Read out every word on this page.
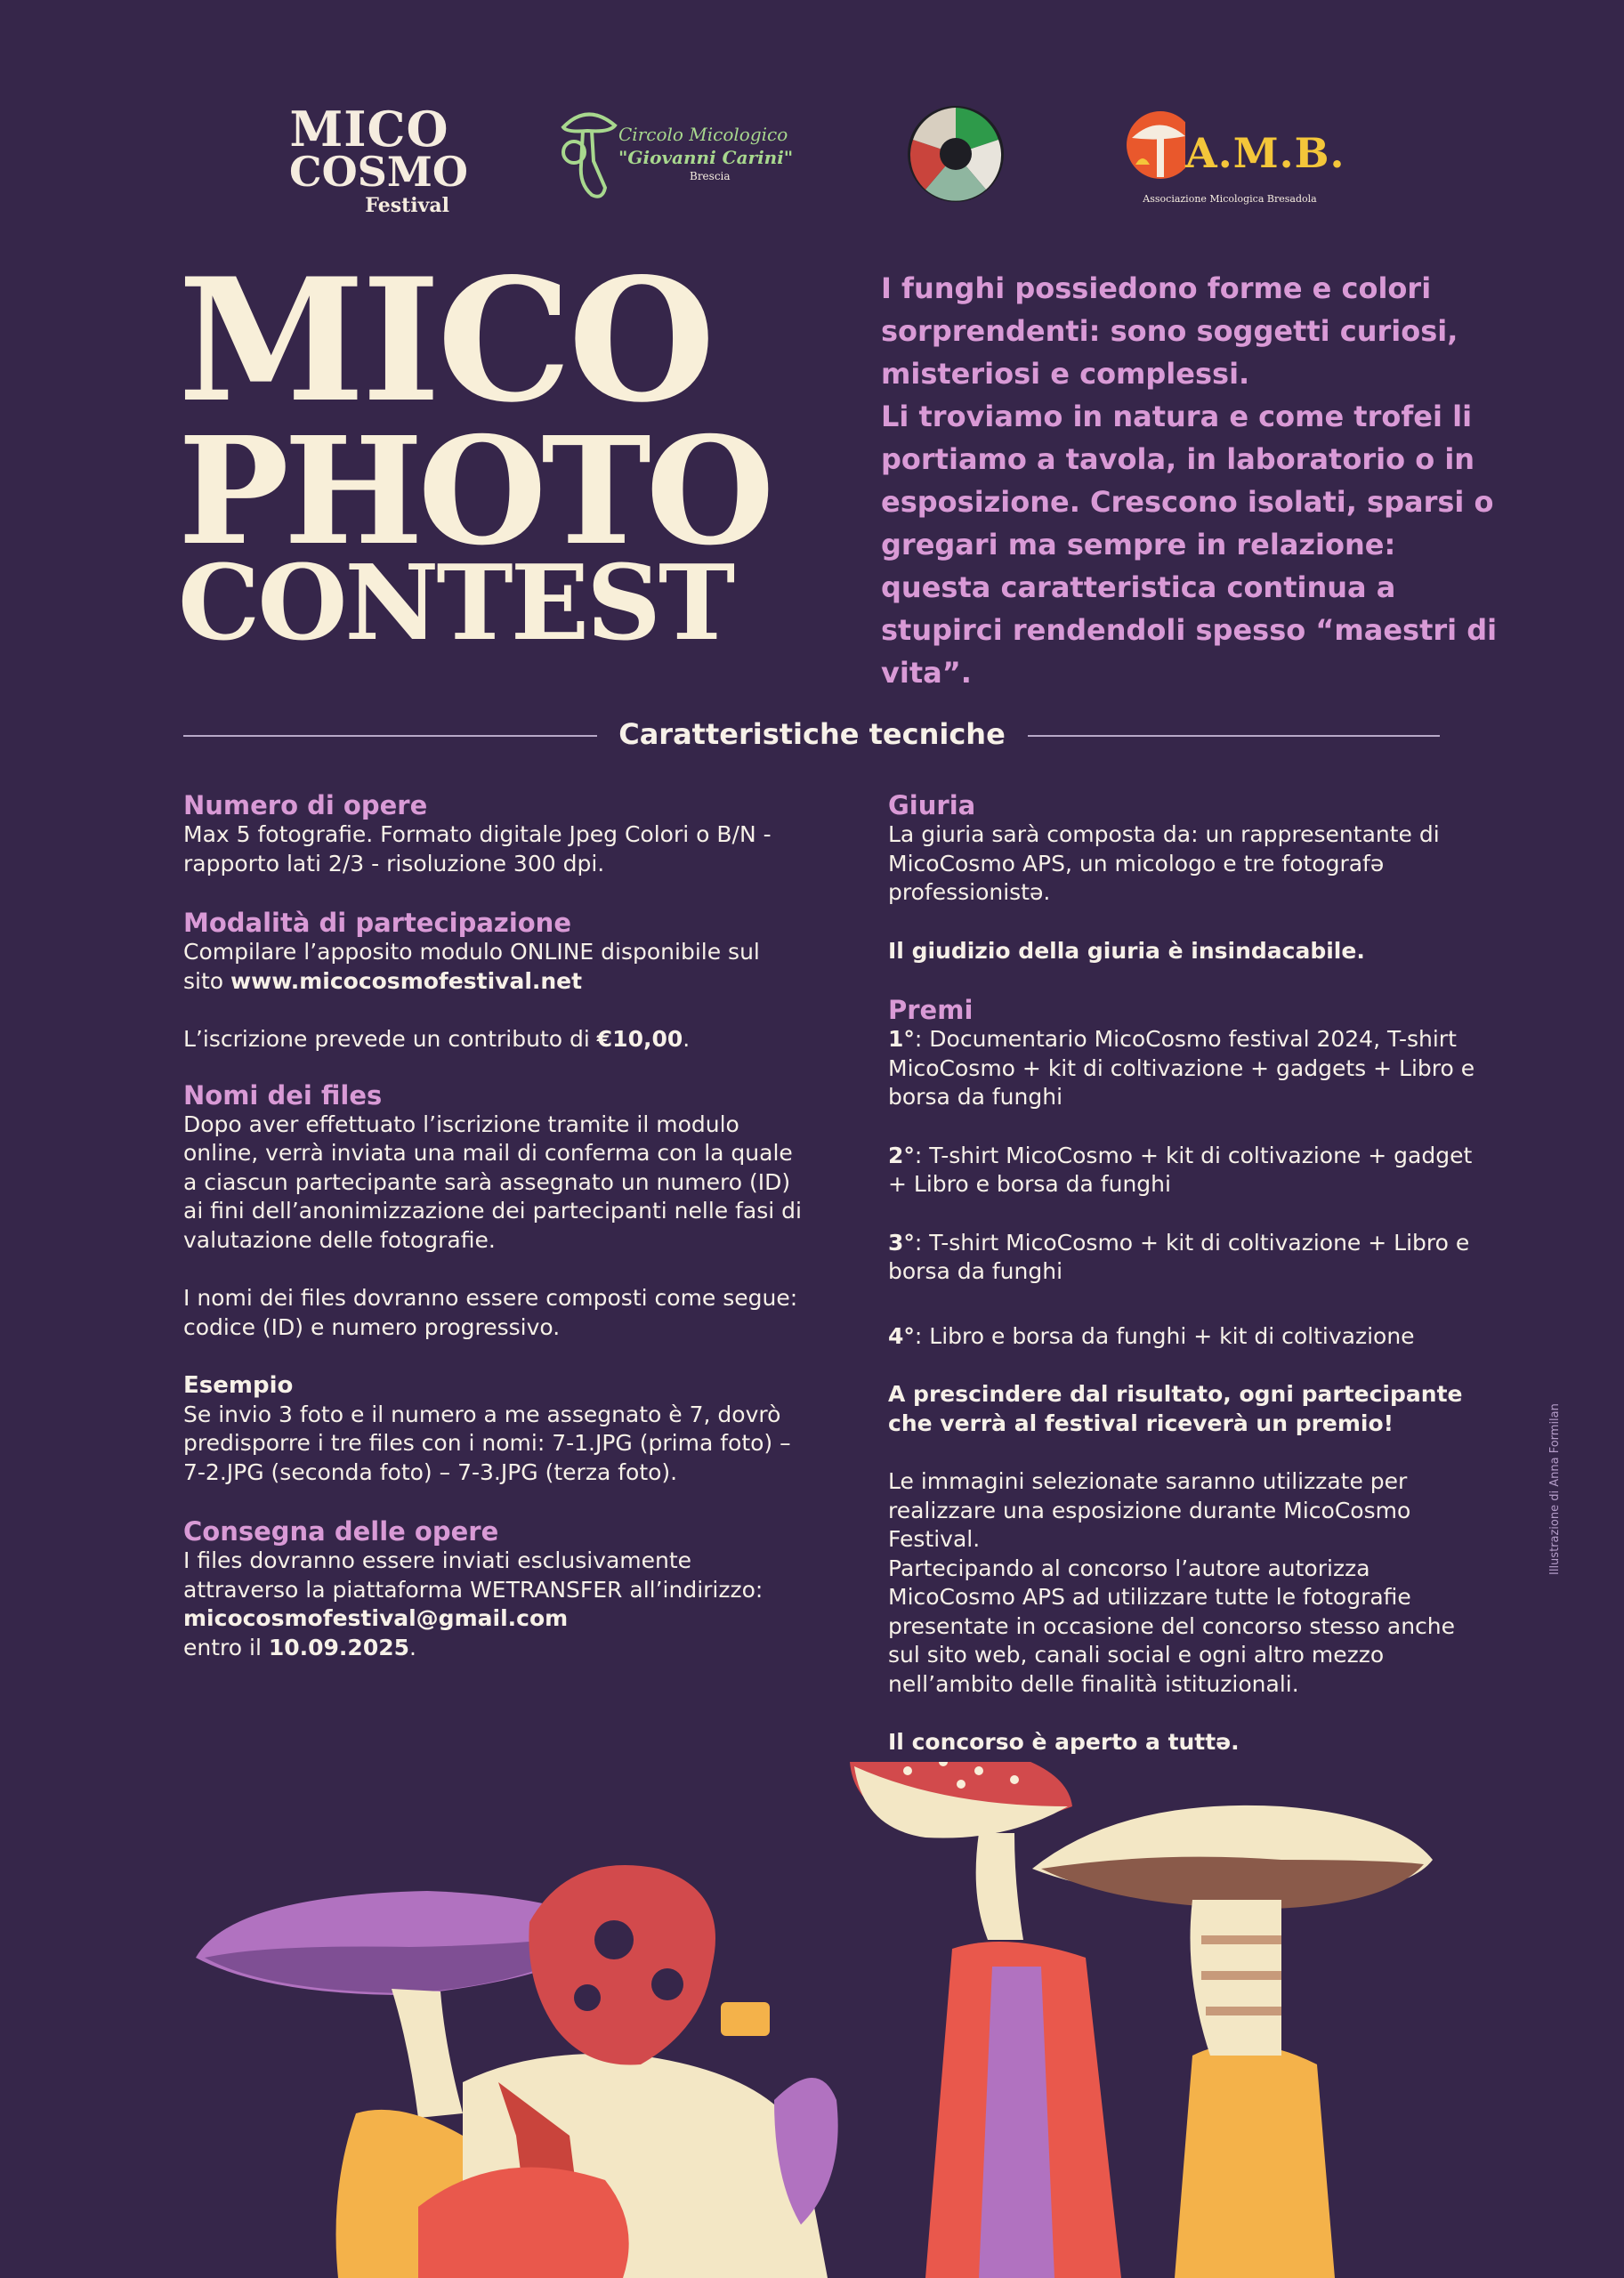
MICO
COSMO
Festival
Circolo Micologico
"Giovanni Carini"
Brescia	A.M.B.
Associazione Micologica Bresadola
MICO
PHOTO
CONTEST

I funghi possiedono forme e colori sorprendenti: sono soggetti curiosi, misteriosi e complessi.

Li troviamo in natura e come trofei li portiamo a tavola, in laboratorio o in esposizione. Crescono isolati, sparsi o gregari ma sempre in relazione: questa caratteristica continua a stupirci rendendoli spesso “maestri di vita”.

Caratteristiche tecniche
Numero di opere
Max 5 fotografie. Formato digitale Jpeg Colori o B/N - rapporto lati 2/3 - risoluzione 300 dpi.
Modalità di partecipazione
Compilare l’apposito modulo ONLINE disponibile sul sito www.micocosmofestival.net
L’iscrizione prevede un contributo di €10,00.
Nomi dei files
Dopo aver effettuato l’iscrizione tramite il modulo online, verrà inviata una mail di conferma con la quale a ciascun partecipante sarà assegnato un numero (ID) ai fini dell’anonimizzazione dei partecipanti nelle fasi di valutazione delle fotografie.
I nomi dei files dovranno essere composti come segue: codice (ID) e numero progressivo.
Esempio
Se invio 3 foto e il numero a me assegnato è 7, dovrò predisporre i tre files con i nomi: 7-1.JPG (prima foto) – 7-2.JPG (seconda foto) – 7-3.JPG (terza foto).
Consegna delle opere
I files dovranno essere inviati esclusivamente attraverso la piattaforma WETRANSFER all’indirizzo: micocosmofestival@gmail.com
entro il 10.09.2025.
Giuria
La giuria sarà composta da: un rappresentante di MicoCosmo APS, un micologo e tre fotografə professionistə.
Il giudizio della giuria è insindacabile.
Premi
1°: Documentario MicoCosmo festival 2024, T-shirt MicoCosmo + kit di coltivazione + gadgets + Libro e borsa da funghi
2°: T-shirt MicoCosmo + kit di coltivazione + gadget + Libro e borsa da funghi
3°: T-shirt MicoCosmo + kit di coltivazione + Libro e borsa da funghi
4°: Libro e borsa da funghi + kit di coltivazione
A prescindere dal risultato, ogni partecipante che verrà al festival riceverà un premio!
Le immagini selezionate saranno utilizzate per realizzare una esposizione durante MicoCosmo Festival.
Partecipando al concorso l’autore autorizza MicoCosmo APS ad utilizzare tutte le fotografie presentate in occasione del concorso stesso anche sul sito web, canali social e ogni altro mezzo nell’ambito delle finalità istituzionali.
Il concorso è aperto a tuttə.
Illustrazione di Anna Formilan
